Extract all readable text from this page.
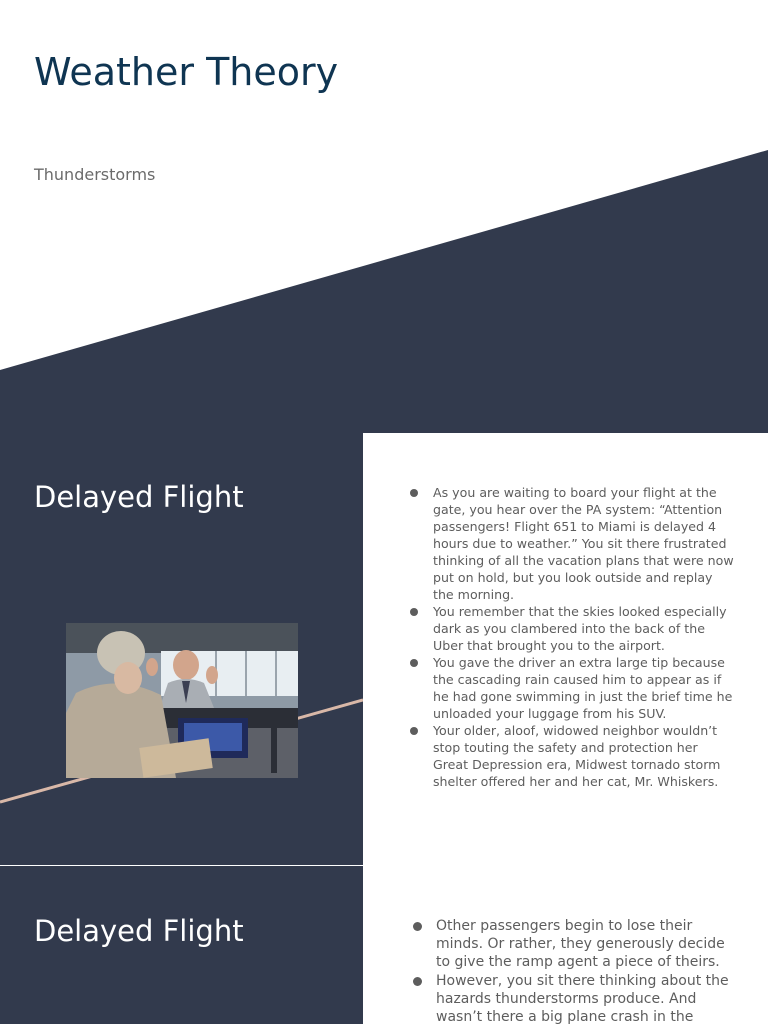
Weather Theory

Thunderstorms

Delayed Flight	As you are waiting to board your flight at the gate, you hear over the PA system: “Attention passengers! Flight 651 to Miami is delayed 4 hours due to weather.” You sit there frustrated thinking of all the vacation plans that were now put on hold, but you look outside and replay the morning.
You remember that the skies looked especially dark as you clambered into the back of the Uber that brought you to the airport.
You gave the driver an extra large tip because the cascading rain caused him to appear as if he had gone swimming in just the brief time he unloaded your luggage from his SUV.
Your older, aloof, widowed neighbor wouldn’t stop touting the safety and protection her Great Depression era, Midwest tornado storm shelter offered her and her cat, Mr. Whiskers.
Delayed Flight	Other passengers begin to lose their minds. Or rather, they generously decide to give the ramp agent a piece of theirs.
However, you sit there thinking about the hazards thunderstorms produce. And wasn’t there a big plane crash in the
